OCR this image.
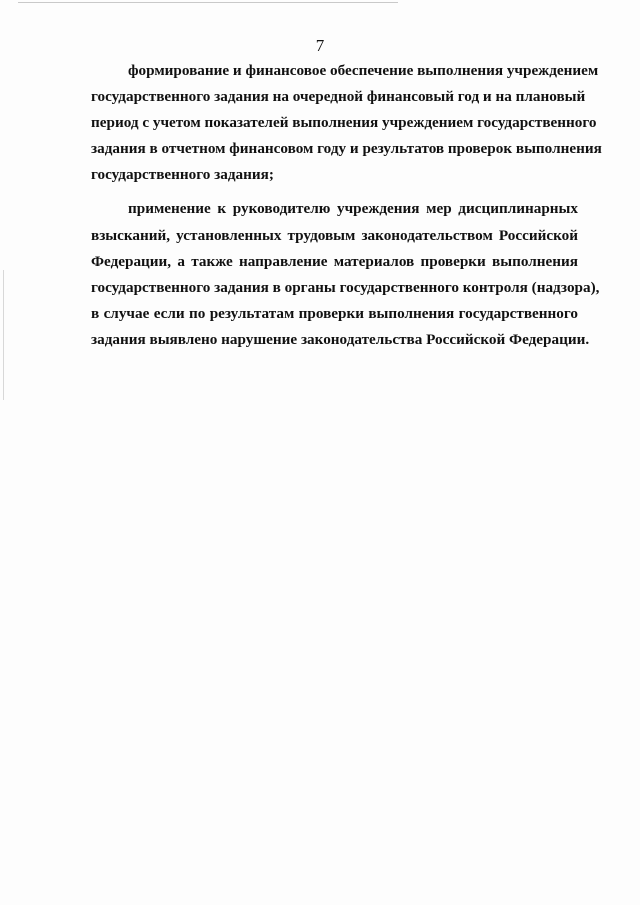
7
формирование и финансовое обеспечение выполнения учреждением
государственного задания на очередной финансовый год и на плановый
период с учетом показателей выполнения учреждением государственного
задания в отчетном финансовом году и результатов проверок выполнения
государственного задания;
применение к руководителю учреждения мер дисциплинарных
взысканий, установленных трудовым законодательством Российской
Федерации, а также направление материалов проверки выполнения
государственного задания в органы государственного контроля (надзора),
в случае если по результатам проверки выполнения государственного
задания выявлено нарушение законодательства Российской Федерации.
